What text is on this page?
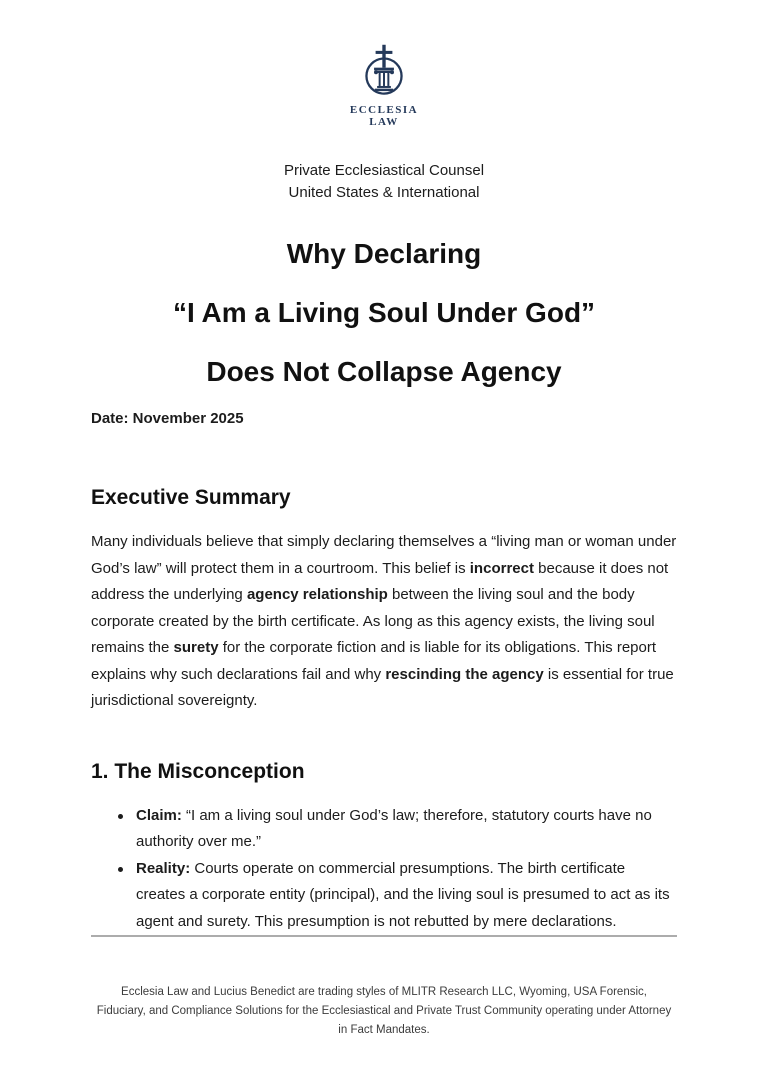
ECCLESIA
LAW
Private Ecclesiastical Counsel
United States & International
Why Declaring
“I Am a Living Soul Under God”
Does Not Collapse Agency
Date: November 2025
Executive Summary

Many individuals believe that simply declaring themselves a “living man or woman under God’s law” will protect them in a courtroom. This belief is incorrect because it does not address the underlying agency relationship between the living soul and the body corporate created by the birth certificate. As long as this agency exists, the living soul remains the surety for the corporate fiction and is liable for its obligations. This report explains why such declarations fail and why rescinding the agency is essential for true jurisdictional sovereignty.

1. The Misconception
Claim: “I am a living soul under God’s law; therefore, statutory courts have no authority over me.”
Reality: Courts operate on commercial presumptions. The birth certificate creates a corporate entity (principal), and the living soul is presumed to act as its agent and surety. This presumption is not rebutted by mere declarations.

Ecclesia Law and Lucius Benedict are trading styles of MLITR Research LLC, Wyoming, USA Forensic, Fiduciary, and Compliance Solutions for the Ecclesiastical and Private Trust Community operating under Attorney in Fact Mandates.
